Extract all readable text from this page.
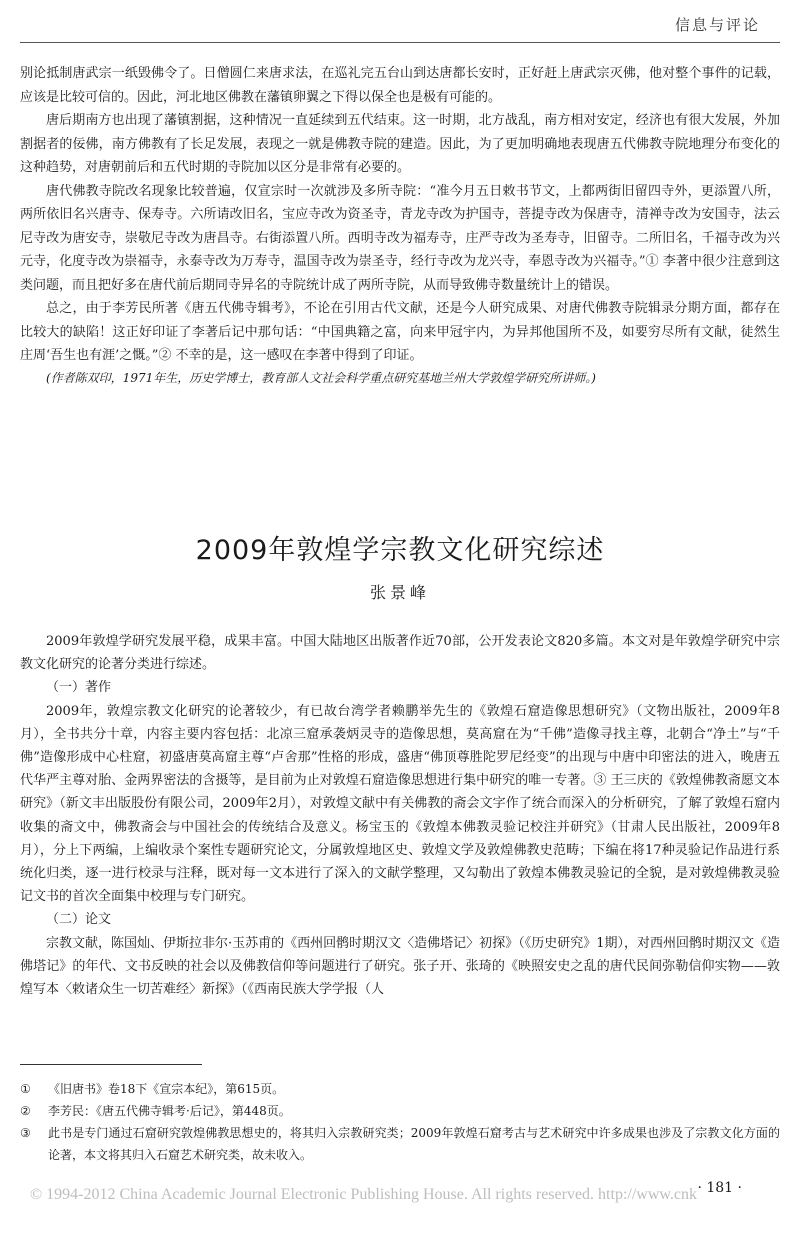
信息与评论

别论抵制唐武宗一纸毁佛令了。日僧圆仁来唐求法，在巡礼完五台山到达唐都长安时，正好赶上唐武宗灭佛，他对整个事件的记载，应该是比较可信的。因此，河北地区佛教在藩镇卵翼之下得以保全也是极有可能的。

唐后期南方也出现了藩镇割据，这种情况一直延续到五代结束。这一时期，北方战乱，南方相对安定，经济也有很大发展，外加割据者的佞佛，南方佛教有了长足发展，表现之一就是佛教寺院的建造。因此，为了更加明确地表现唐五代佛教寺院地理分布变化的这种趋势，对唐朝前后和五代时期的寺院加以区分是非常有必要的。

唐代佛教寺院改名现象比较普遍，仅宣宗时一次就涉及多所寺院：“准今月五日敕书节文，上都两街旧留四寺外，更添置八所，两所依旧名兴唐寺、保寿寺。六所请改旧名，宝应寺改为资圣寺，青龙寺改为护国寺，菩提寺改为保唐寺，清禅寺改为安国寺，法云尼寺改为唐安寺，崇敬尼寺改为唐昌寺。右街添置八所。西明寺改为福寿寺，庄严寺改为圣寿寺，旧留寺。二所旧名，千福寺改为兴元寺，化度寺改为崇福寺，永泰寺改为万寿寺，温国寺改为崇圣寺，经行寺改为龙兴寺，奉恩寺改为兴福寺。”① 李著中很少注意到这类问题，而且把好多在唐代前后期同寺异名的寺院统计成了两所寺院，从而导致佛寺数量统计上的错误。

总之，由于李芳民所著《唐五代佛寺辑考》，不论在引用古代文献，还是今人研究成果、对唐代佛教寺院辑录分期方面，都存在比较大的缺陷！这正好印证了李著后记中那句话：“中国典籍之富，向来甲冠宇内，为异邦他国所不及，如要穷尽所有文献，徒然生庄周‘吾生也有涯’之慨。”② 不幸的是，这一感叹在李著中得到了印证。

(作者陈双印，1971年生，历史学博士，教育部人文社会科学重点研究基地兰州大学敦煌学研究所讲师。)

2009年敦煌学宗教文化研究综述
张景峰

2009年敦煌学研究发展平稳，成果丰富。中国大陆地区出版著作近70部，公开发表论文820多篇。本文对是年敦煌学研究中宗教文化研究的论著分类进行综述。

（一）著作

2009年，敦煌宗教文化研究的论著较少，有已故台湾学者赖鹏举先生的《敦煌石窟造像思想研究》（文物出版社，2009年8月），全书共分十章，内容主要内容包括：北凉三窟承袭炳灵寺的造像思想，莫高窟在为“千佛”造像寻找主尊，北朝合“净土”与“千佛”造像形成中心柱窟，初盛唐莫高窟主尊“卢舍那”性格的形成，盛唐“佛顶尊胜陀罗尼经变”的出现与中唐中印密法的进入，晚唐五代华严主尊对胎、金两界密法的含摄等，是目前为止对敦煌石窟造像思想进行集中研究的唯一专著。③ 王三庆的《敦煌佛教斋愿文本研究》（新文丰出版股份有限公司，2009年2月），对敦煌文献中有关佛教的斋会文字作了统合而深入的分析研究，了解了敦煌石窟内收集的斋文中，佛教斋会与中国社会的传统结合及意义。杨宝玉的《敦煌本佛教灵验记校注并研究》（甘肃人民出版社，2009年8月），分上下两编，上编收录个案性专题研究论文，分属敦煌地区史、敦煌文学及敦煌佛教史范畴；下编在将17种灵验记作品进行系统化归类，逐一进行校录与注释，既对每一文本进行了深入的文献学整理，又勾勒出了敦煌本佛教灵验记的全貌，是对敦煌佛教灵验记文书的首次全面集中校理与专门研究。

（二）论文

宗教文献，陈国灿、伊斯拉非尔·玉苏甫的《西州回鹘时期汉文〈造佛塔记〉初探》（《历史研究》1期），对西州回鹘时期汉文《造佛塔记》的年代、文书反映的社会以及佛教信仰等问题进行了研究。张子开、张琦的《映照安史之乱的唐代民间弥勒信仰实物——敦煌写本〈敕诸众生一切苦难经〉新探》（《西南民族大学学报（人

①	《旧唐书》卷18下《宣宗本纪》，第615页。
②	李芳民：《唐五代佛寺辑考·后记》，第448页。
③	此书是专门通过石窟研究敦煌佛教思想史的，将其归入宗教研究类；2009年敦煌石窟考古与艺术研究中许多成果也涉及了宗教文化方面的论著，本文将其归入石窟艺术研究类，故未收入。
· 181 ·
© 1994-2012 China Academic Journal Electronic Publishing House. All rights reserved. http://www.cnk
